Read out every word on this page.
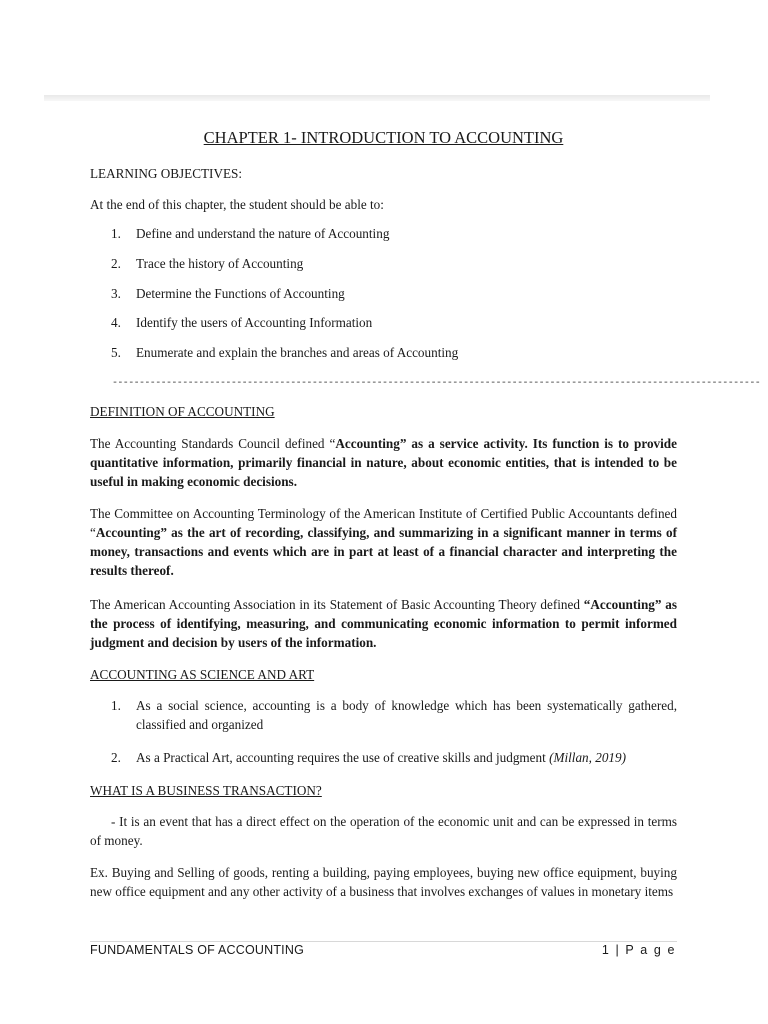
CHAPTER 1- INTRODUCTION TO ACCOUNTING

LEARNING OBJECTIVES:

At the end of this chapter, the student should be able to:

1. Define and understand the nature of Accounting
2. Trace the history of Accounting
3. Determine the Functions of Accounting
4. Identify the users of Accounting Information
5. Enumerate and explain the branches and areas of Accounting
------------------------------------------------------------------------------------------------------------------------

DEFINITION OF ACCOUNTING

The Accounting Standards Council defined “Accounting” as a service activity. Its function is to provide quantitative information, primarily financial in nature, about economic entities, that is intended to be useful in making economic decisions.

The Committee on Accounting Terminology of the American Institute of Certified Public Accountants defined “Accounting” as the art of recording, classifying, and summarizing in a significant manner in terms of money, transactions and events which are in part at least of a financial character and interpreting the results thereof.

The American Accounting Association in its Statement of Basic Accounting Theory defined “Accounting” as the process of identifying, measuring, and communicating economic information to permit informed judgment and decision by users of the information.

ACCOUNTING AS SCIENCE AND ART

1. As a social science, accounting is a body of knowledge which has been systematically gathered, classified and organized
2. As a Practical Art, accounting requires the use of creative skills and judgment (Millan, 2019)

WHAT IS A BUSINESS TRANSACTION?

- It is an event that has a direct effect on the operation of the economic unit and can be expressed in terms of money.

Ex. Buying and Selling of goods, renting a building, paying employees, buying new office equipment, buying new office equipment and any other activity of a business that involves exchanges of values in monetary items

FUNDAMENTALS OF ACCOUNTING	1 | P a g e
